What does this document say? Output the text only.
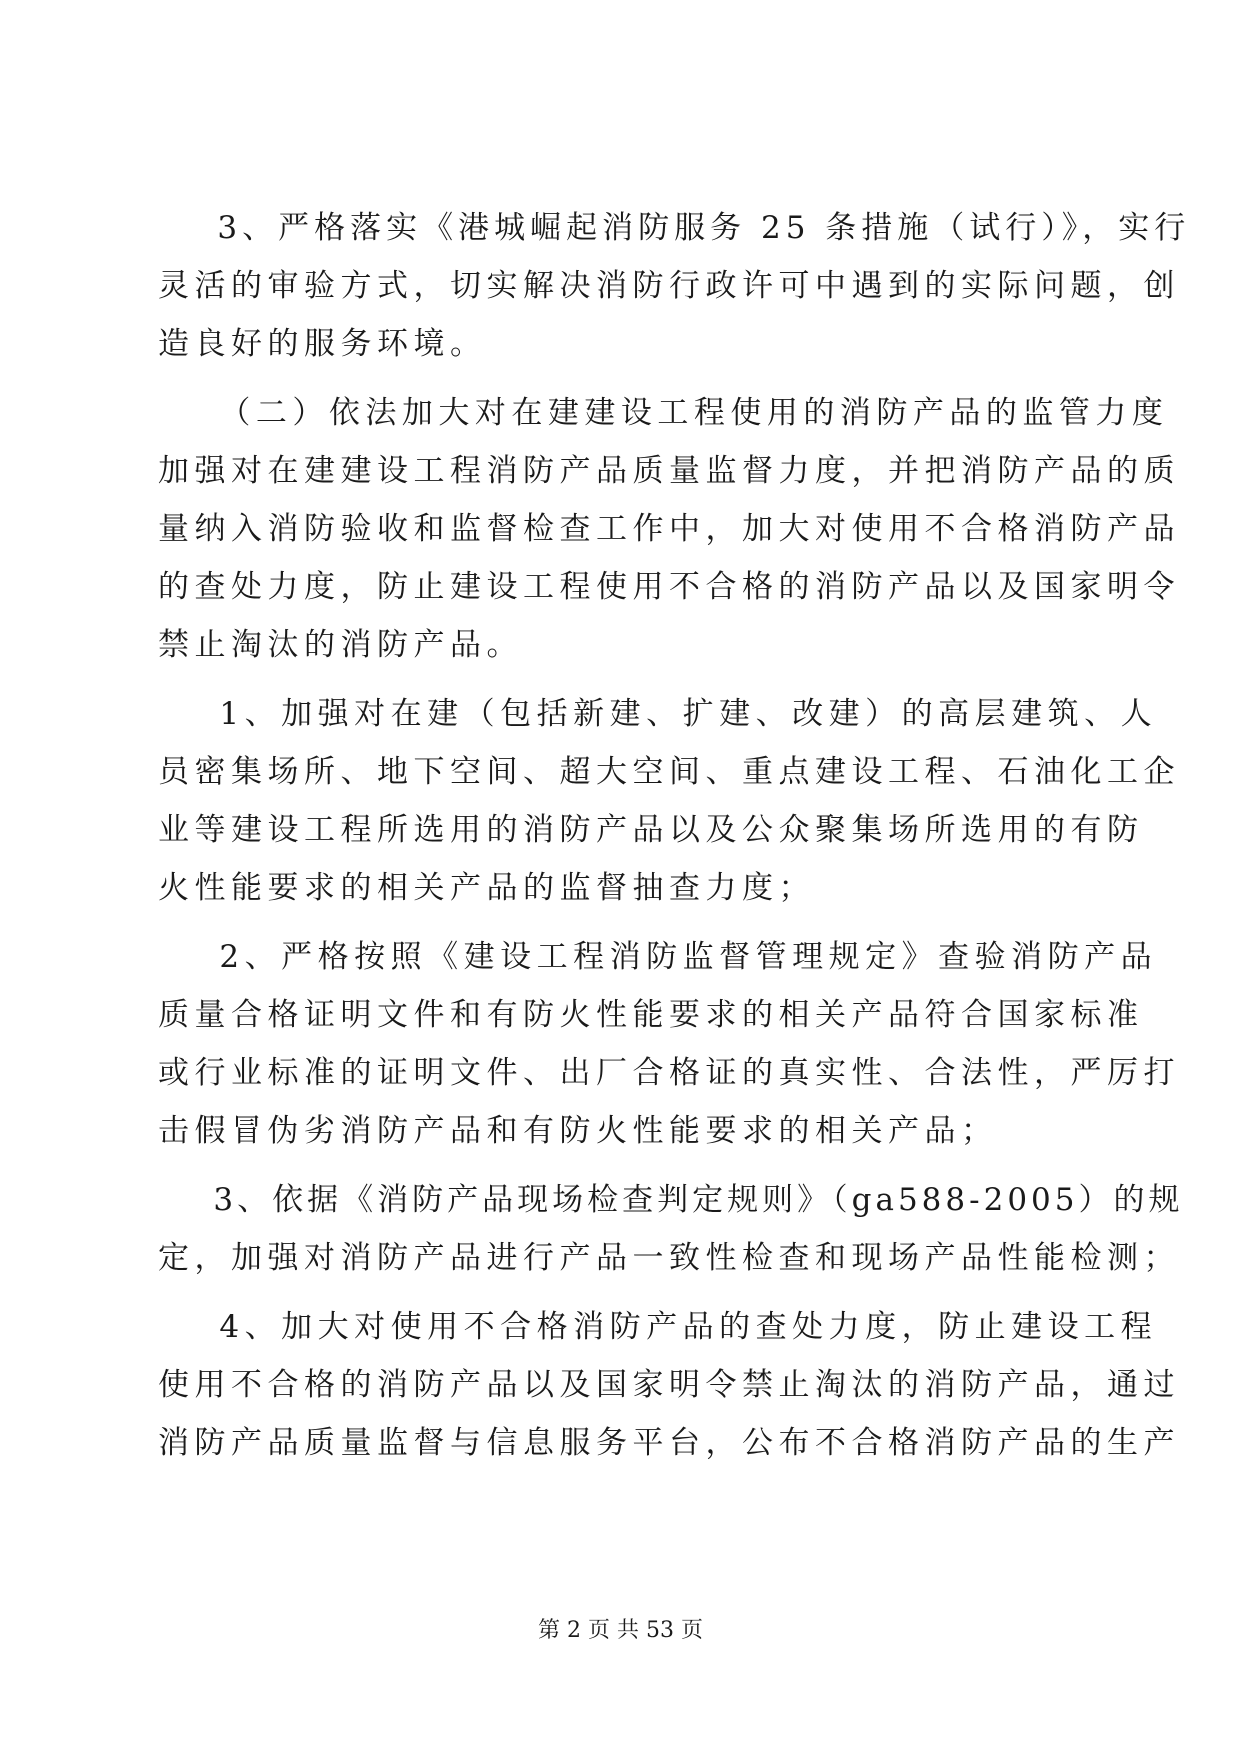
3、严格落实《港城崛起消防服务 25 条措施（试行）》，实行
灵活的审验方式，切实解决消防行政许可中遇到的实际问题，创
造良好的服务环境。
（二）依法加大对在建建设工程使用的消防产品的监管力度
加强对在建建设工程消防产品质量监督力度，并把消防产品的质
量纳入消防验收和监督检查工作中，加大对使用不合格消防产品
的查处力度，防止建设工程使用不合格的消防产品以及国家明令
禁止淘汰的消防产品。
1、加强对在建（包括新建、扩建、改建）的高层建筑、人
员密集场所、地下空间、超大空间、重点建设工程、石油化工企
业等建设工程所选用的消防产品以及公众聚集场所选用的有防
火性能要求的相关产品的监督抽查力度；
2、严格按照《建设工程消防监督管理规定》查验消防产品
质量合格证明文件和有防火性能要求的相关产品符合国家标准
或行业标准的证明文件、出厂合格证的真实性、合法性，严厉打
击假冒伪劣消防产品和有防火性能要求的相关产品；
3、依据《消防产品现场检查判定规则》（ga588-2005）的规
定，加强对消防产品进行产品一致性检查和现场产品性能检测；
4、加大对使用不合格消防产品的查处力度，防止建设工程
使用不合格的消防产品以及国家明令禁止淘汰的消防产品，通过
消防产品质量监督与信息服务平台，公布不合格消防产品的生产
第 2 页 共 53 页
